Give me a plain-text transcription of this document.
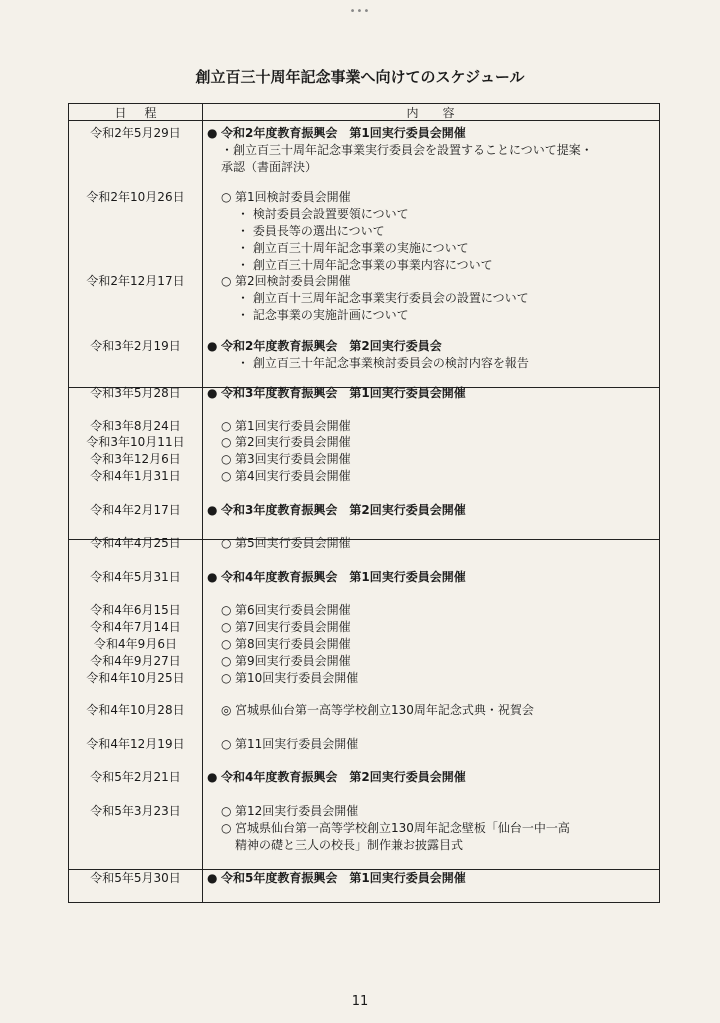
•••
創立百三十周年記念事業へ向けてのスケジュール
日程	内容
令和2年5月29日	● 令和2年度教育振興会　第1回実行委員会開催
・創立百三十周年記念事業実行委員会を設置することについて提案・
承認（書面評決）
令和2年10月26日	○ 第1回検討委員会開催
・ 検討委員会設置要領について
・ 委員長等の選出について
・ 創立百三十周年記念事業の実施について
・ 創立百三十周年記念事業の事業内容について
令和2年12月17日	○ 第2回検討委員会開催
・ 創立百十三周年記念事業実行委員会の設置について
・ 記念事業の実施計画について
令和3年2月19日	● 令和2年度教育振興会　第2回実行委員会
・ 創立百三十年記念事業検討委員会の検討内容を報告
令和3年5月28日	● 令和3年度教育振興会　第1回実行委員会開催
令和3年8月24日	○ 第1回実行委員会開催
令和3年10月11日	○ 第2回実行委員会開催
令和3年12月6日	○ 第3回実行委員会開催
令和4年1月31日	○ 第4回実行委員会開催
令和4年2月17日	● 令和3年度教育振興会　第2回実行委員会開催
令和4年4月25日	○ 第5回実行委員会開催
令和4年5月31日	● 令和4年度教育振興会　第1回実行委員会開催
令和4年6月15日	○ 第6回実行委員会開催
令和4年7月14日	○ 第7回実行委員会開催
令和4年9月6日	○ 第8回実行委員会開催
令和4年9月27日	○ 第9回実行委員会開催
令和4年10月25日	○ 第10回実行委員会開催
令和4年10月28日	◎ 宮城県仙台第一高等学校創立130周年記念式典・祝賀会
令和4年12月19日	○ 第11回実行委員会開催
令和5年2月21日	● 令和4年度教育振興会　第2回実行委員会開催
令和5年3月23日	○ 第12回実行委員会開催
○ 宮城県仙台第一高等学校創立130周年記念壁板「仙台一中一高
精神の礎と三人の校長」制作兼お披露目式
令和5年5月30日	● 令和5年度教育振興会　第1回実行委員会開催
11
